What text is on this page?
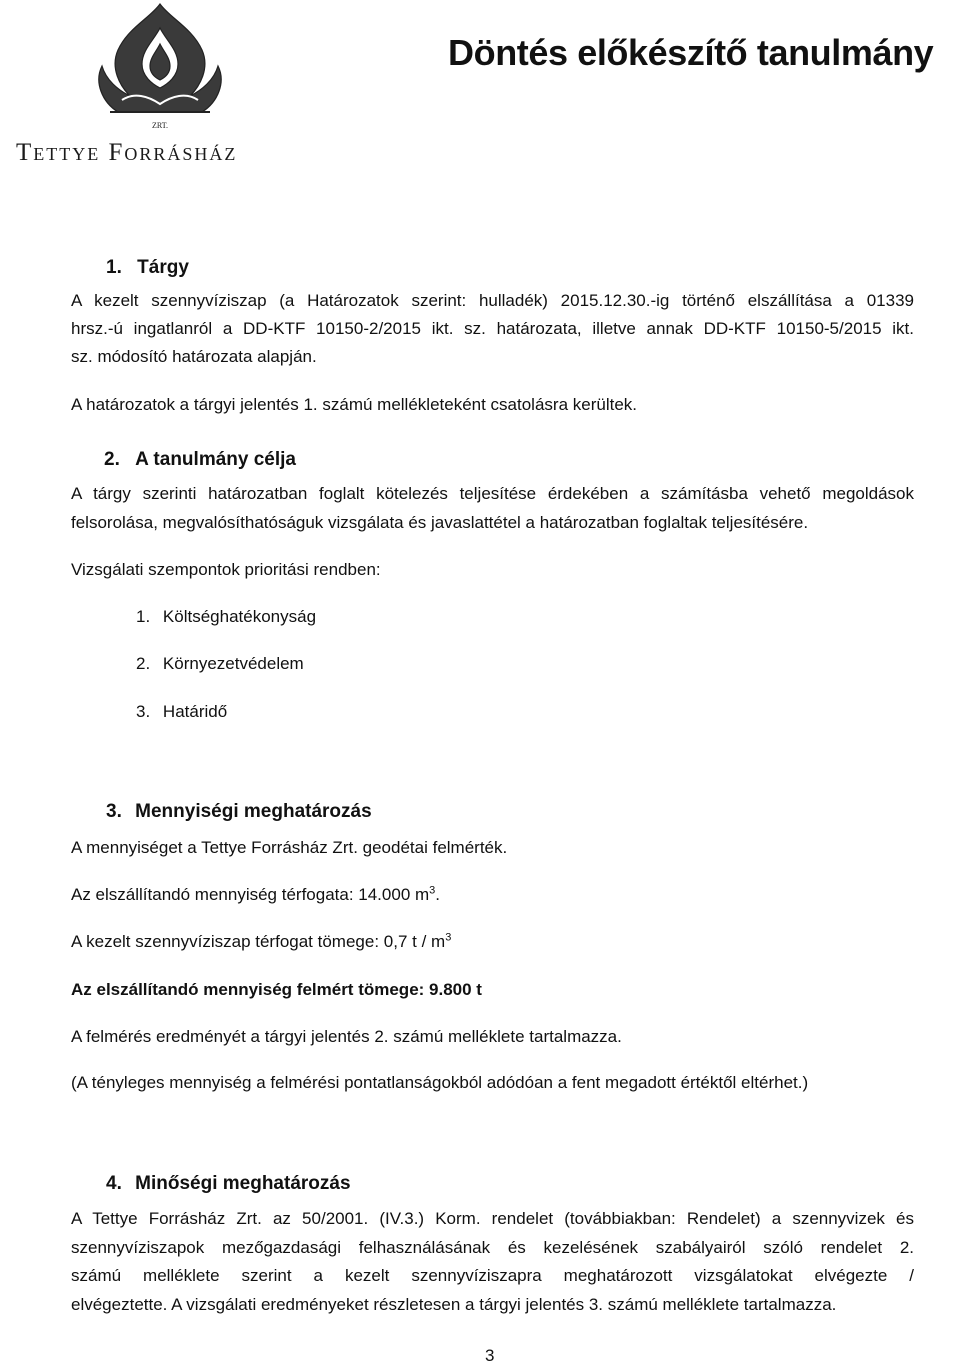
ZRT.
Tettye Forrásház
Döntés előkészítő tanulmány
1. Tárgy
A kezelt szennyvíziszap (a Határozatok szerint: hulladék) 2015.12.30.-ig történő elszállítása a 01339
hrsz.-ú ingatlanról a DD-KTF 10150-2/2015 ikt. sz. határozata, illetve annak DD-KTF 10150-5/2015 ikt.
sz. módosító határozata alapján.
A határozatok a tárgyi jelentés 1. számú mellékleteként csatolásra kerültek.
2. A tanulmány célja
A tárgy szerinti határozatban foglalt kötelezés teljesítése érdekében a számításba vehető megoldások
felsorolása, megvalósíthatóságuk vizsgálata és javaslattétel a határozatban foglaltak teljesítésére.
Vizsgálati szempontok prioritási rendben:
1. Költséghatékonyság
2. Környezetvédelem
3. Határidő
3. Mennyiségi meghatározás
A mennyiséget a Tettye Forrásház Zrt. geodétai felmérték.
Az elszállítandó mennyiség térfogata: 14.000 $m^3$.
A kezelt szennyvíziszap térfogat tömege: 0,7 t / $m^3$
Az elszállítandó mennyiség felmért tömege: 9.800 t
A felmérés eredményét a tárgyi jelentés 2. számú melléklete tartalmazza.
(A tényleges mennyiség a felmérési pontatlanságokból adódóan a fent megadott értéktől eltérhet.)
4. Minőségi meghatározás
A Tettye Forrásház Zrt. az 50/2001. (IV.3.) Korm. rendelet (továbbiakban: Rendelet) a szennyvizek és
szennyvíziszapok mezőgazdasági felhasználásának és kezelésének szabályairól szóló rendelet 2.
számú melléklete szerint a kezelt szennyvíziszapra meghatározott vizsgálatokat elvégezte /
elvégeztette. A vizsgálati eredményeket részletesen a tárgyi jelentés 3. számú melléklete tartalmazza.
3
